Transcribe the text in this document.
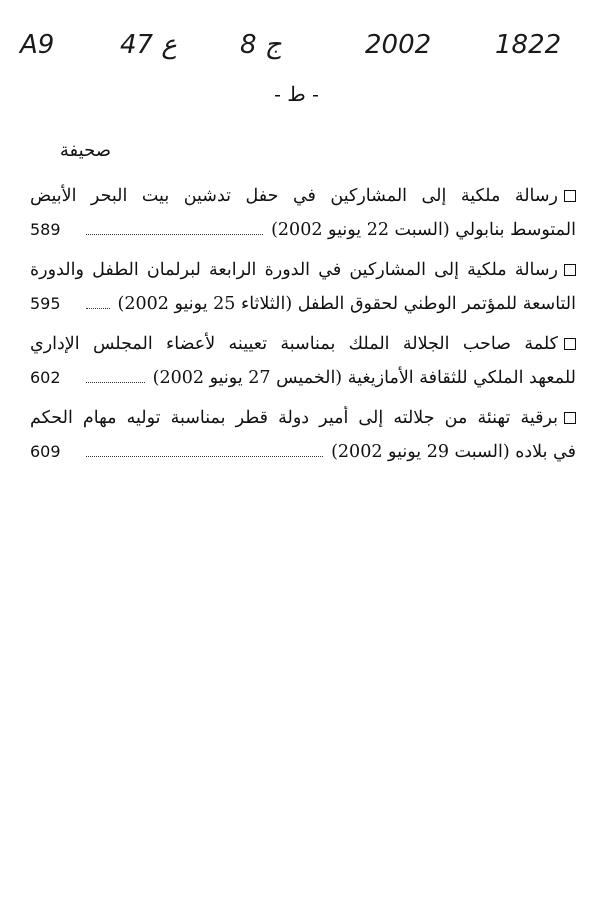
A9	47 ع ج 8	2002 1822
- ط -
صحيفة
رسالة ملكية إلى المشاركين في حفل تدشين بيت البحر الأبيض
المتوسط بنابولي (السبت 22 يونيو 2002)
589
رسالة ملكية إلى المشاركين في الدورة الرابعة لبرلمان الطفل والدورة
التاسعة للمؤتمر الوطني لحقوق الطفل (الثلاثاء 25 يونيو 2002)
595
كلمة صاحب الجلالة الملك بمناسبة تعيينه لأعضاء المجلس الإداري
للمعهد الملكي للثقافة الأمازيغية (الخميس 27 يونيو 2002)
602
برقية تهنئة من جلالته إلى أمير دولة قطر بمناسبة توليه مهام الحكم
في بلاده (السبت 29 يونيو 2002)
609
